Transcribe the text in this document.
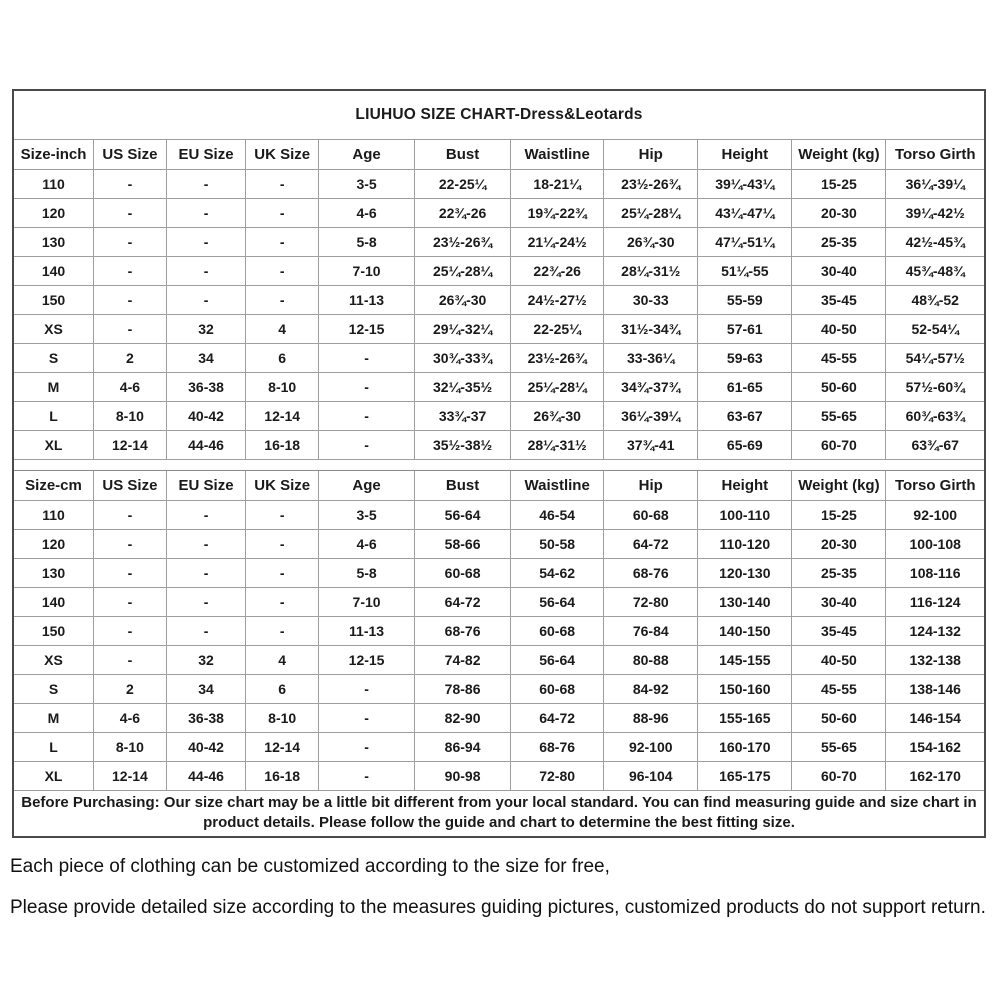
LIUHUO SIZE CHART-Dress&Leotards
Size-inch	US Size	EU Size	UK Size	Age	Bust	Waistline	Hip	Height	Weight (kg)	Torso Girth
110	-	-	-	3-5	22-25¼	18-21¼	23½-26¾	39¼-43¼	15-25	36¼-39¼
120	-	-	-	4-6	22¾-26	19¾-22¾	25¼-28¼	43¼-47¼	20-30	39¼-42½
130	-	-	-	5-8	23½-26¾	21¼-24½	26¾-30	47¼-51¼	25-35	42½-45¾
140	-	-	-	7-10	25¼-28¼	22¾-26	28¼-31½	51¼-55	30-40	45¾-48¾
150	-	-	-	11-13	26¾-30	24½-27½	30-33	55-59	35-45	48¾-52
XS	-	32	4	12-15	29¼-32¼	22-25¼	31½-34¾	57-61	40-50	52-54¼
S	2	34	6	-	30¾-33¾	23½-26¾	33-36¼	59-63	45-55	54¼-57½
M	4-6	36-38	8-10	-	32¼-35½	25¼-28¼	34¾-37¾	61-65	50-60	57½-60¾
L	8-10	40-42	12-14	-	33¾-37	26¾-30	36¼-39¼	63-67	55-65	60¾-63¾
XL	12-14	44-46	16-18	-	35½-38½	28¼-31½	37¾-41	65-69	60-70	63¾-67
Size-cm	US Size	EU Size	UK Size	Age	Bust	Waistline	Hip	Height	Weight (kg)	Torso Girth
110	-	-	-	3-5	56-64	46-54	60-68	100-110	15-25	92-100
120	-	-	-	4-6	58-66	50-58	64-72	110-120	20-30	100-108
130	-	-	-	5-8	60-68	54-62	68-76	120-130	25-35	108-116
140	-	-	-	7-10	64-72	56-64	72-80	130-140	30-40	116-124
150	-	-	-	11-13	68-76	60-68	76-84	140-150	35-45	124-132
XS	-	32	4	12-15	74-82	56-64	80-88	145-155	40-50	132-138
S	2	34	6	-	78-86	60-68	84-92	150-160	45-55	138-146
M	4-6	36-38	8-10	-	82-90	64-72	88-96	155-165	50-60	146-154
L	8-10	40-42	12-14	-	86-94	68-76	92-100	160-170	55-65	154-162
XL	12-14	44-46	16-18	-	90-98	72-80	96-104	165-175	60-70	162-170
Before Purchasing: Our size chart may be a little bit different from your local standard. You can find measuring guide and size chart in
product details. Please follow the guide and chart to determine the best fitting size.

Each piece of clothing can be customized according to the size for free,

Please provide detailed size according to the measures guiding pictures, customized products do not support return.
